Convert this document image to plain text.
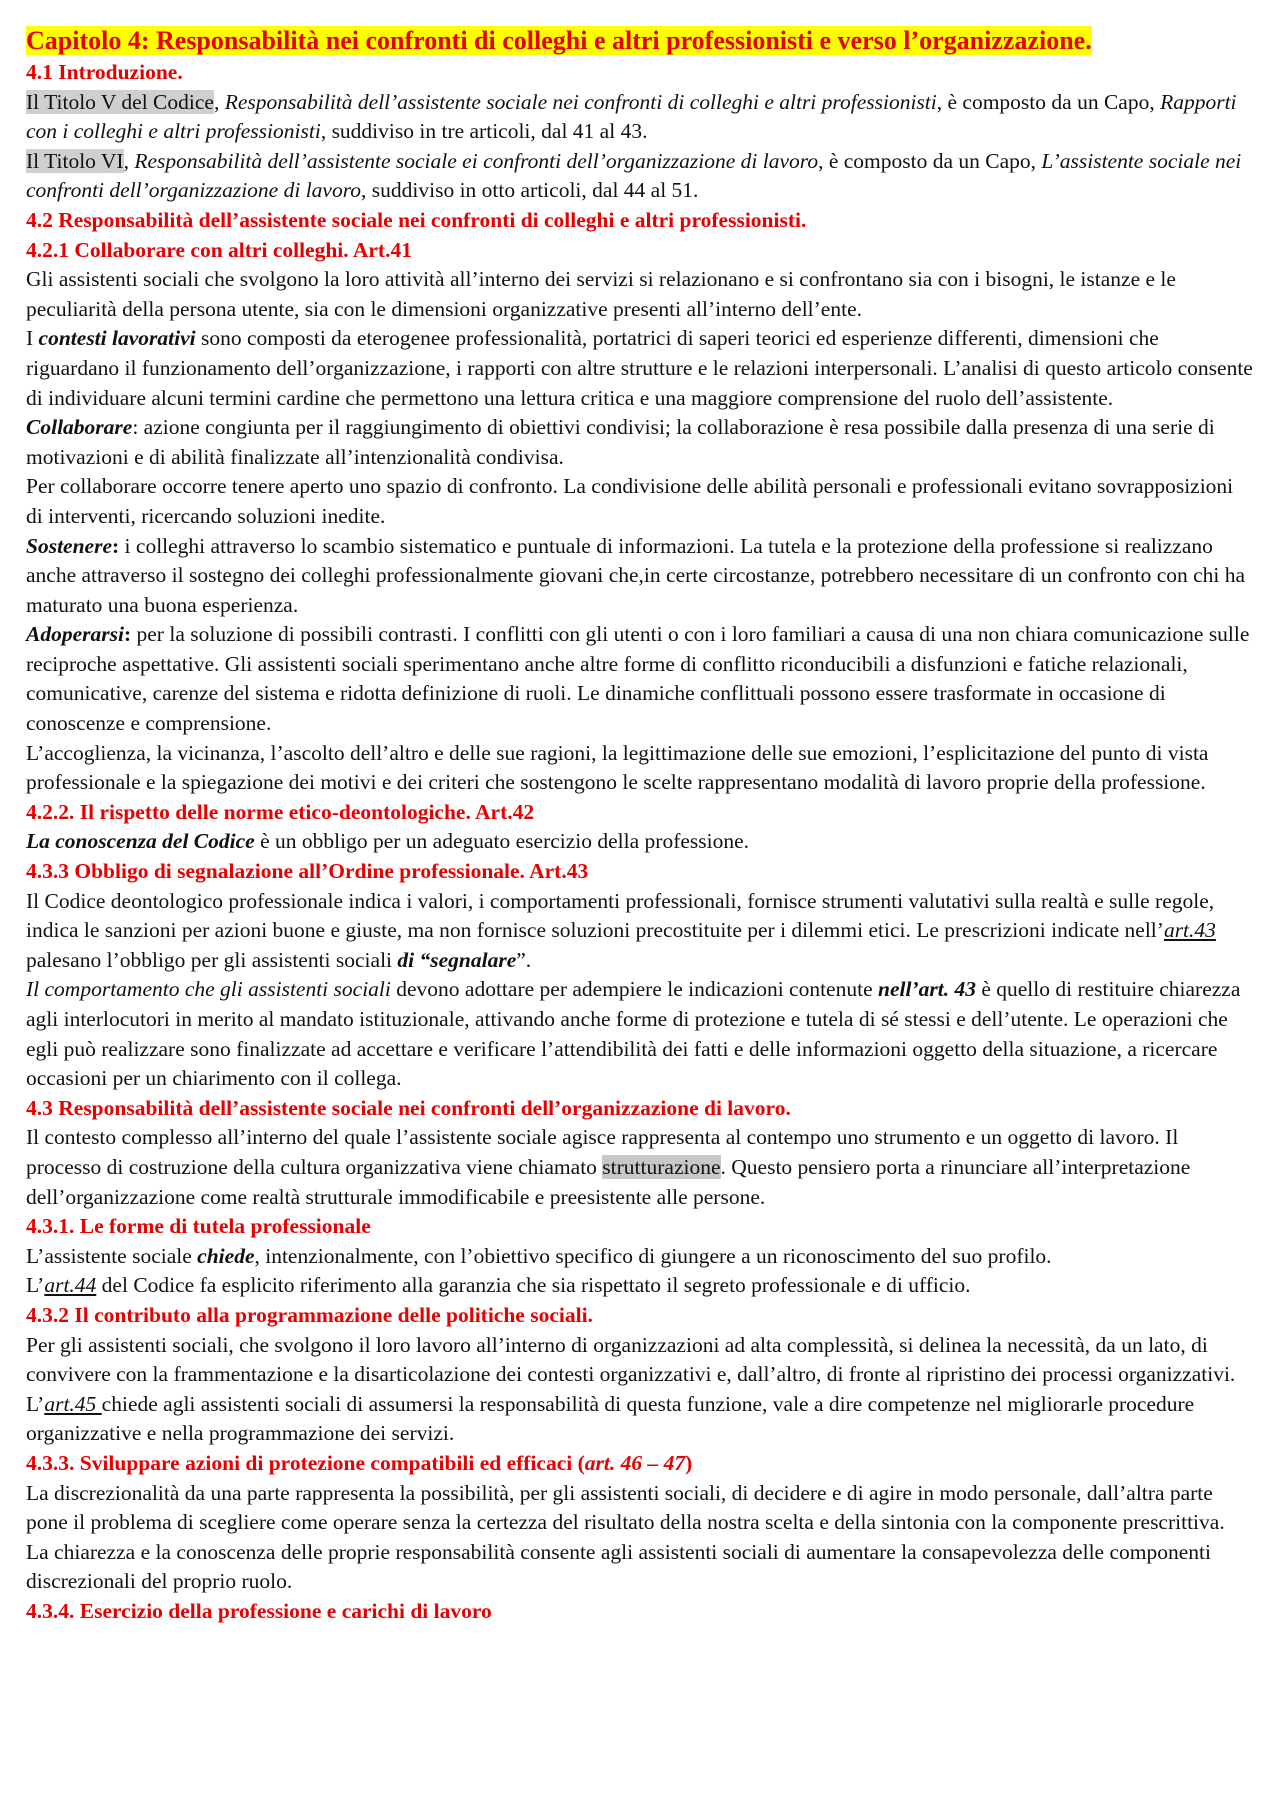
Capitolo 4: Responsabilità nei confronti di colleghi e altri professionisti e verso l’organizzazione.

4.1 Introduzione.

Il Titolo V del Codice, Responsabilità dell’assistente sociale nei confronti di colleghi e altri professionisti, è composto da un Capo, Rapporti con i colleghi e altri professionisti, suddiviso in tre articoli, dal 41 al 43.

Il Titolo VI, Responsabilità dell’assistente sociale ei confronti dell’organizzazione di lavoro, è composto da un Capo, L’assistente sociale nei confronti dell’organizzazione di lavoro, suddiviso in otto articoli, dal 44 al 51.

4.2 Responsabilità dell’assistente sociale nei confronti di colleghi e altri professionisti.

4.2.1 Collaborare con altri colleghi. Art.41

Gli assistenti sociali che svolgono la loro attività all’interno dei servizi si relazionano e si confrontano sia con i bisogni, le istanze e le peculiarità della persona utente, sia con le dimensioni organizzative presenti all’interno dell’ente.

I contesti lavorativi sono composti da eterogenee professionalità, portatrici di saperi teorici ed esperienze differenti, dimensioni che riguardano il funzionamento dell’organizzazione, i rapporti con altre strutture e le relazioni interpersonali. L’analisi di questo articolo consente di individuare alcuni termini cardine che permettono una lettura critica e una maggiore comprensione del ruolo dell’assistente.

Collaborare: azione congiunta per il raggiungimento di obiettivi condivisi; la collaborazione è resa possibile dalla presenza di una serie di motivazioni e di abilità finalizzate all’intenzionalità condivisa.

Per collaborare occorre tenere aperto uno spazio di confronto. La condivisione delle abilità personali e professionali evitano sovrapposizioni di interventi, ricercando soluzioni inedite.

Sostenere: i colleghi attraverso lo scambio sistematico e puntuale di informazioni. La tutela e la protezione della professione si realizzano anche attraverso il sostegno dei colleghi professionalmente giovani che,in certe circostanze, potrebbero necessitare di un confronto con chi ha maturato una buona esperienza.

Adoperarsi: per la soluzione di possibili contrasti. I conflitti con gli utenti o con i loro familiari a causa di una non chiara comunicazione sulle reciproche aspettative. Gli assistenti sociali sperimentano anche altre forme di conflitto riconducibili a disfunzioni e fatiche relazionali, comunicative, carenze del sistema e ridotta definizione di ruoli. Le dinamiche conflittuali possono essere trasformate in occasione di conoscenze e comprensione.

L’accoglienza, la vicinanza, l’ascolto dell’altro e delle sue ragioni, la legittimazione delle sue emozioni, l’esplicitazione del punto di vista professionale e la spiegazione dei motivi e dei criteri che sostengono le scelte rappresentano modalità di lavoro proprie della professione.

4.2.2. Il rispetto delle norme etico-deontologiche. Art.42

La conoscenza del Codice è un obbligo per un adeguato esercizio della professione.

4.3.3 Obbligo di segnalazione all’Ordine professionale. Art.43

Il Codice deontologico professionale indica i valori, i comportamenti professionali, fornisce strumenti valutativi sulla realtà e sulle regole, indica le sanzioni per azioni buone e giuste, ma non fornisce soluzioni precostituite per i dilemmi etici. Le prescrizioni indicate nell’art.43 palesano l’obbligo per gli assistenti sociali di “segnalare”.

Il comportamento che gli assistenti sociali devono adottare per adempiere le indicazioni contenute nell’art. 43 è quello di restituire chiarezza agli interlocutori in merito al mandato istituzionale, attivando anche forme di protezione e tutela di sé stessi e dell’utente. Le operazioni che egli può realizzare sono finalizzate ad accettare e verificare l’attendibilità dei fatti e delle informazioni oggetto della situazione, a ricercare occasioni per un chiarimento con il collega.

4.3 Responsabilità dell’assistente sociale nei confronti dell’organizzazione di lavoro.

Il contesto complesso all’interno del quale l’assistente sociale agisce rappresenta al contempo uno strumento e un oggetto di lavoro. Il processo di costruzione della cultura organizzativa viene chiamato strutturazione. Questo pensiero porta a rinunciare all’interpretazione dell’organizzazione come realtà strutturale immodificabile e preesistente alle persone.

4.3.1. Le forme di tutela professionale

L’assistente sociale chiede, intenzionalmente, con l’obiettivo specifico di giungere a un riconoscimento del suo profilo.

L’art.44 del Codice fa esplicito riferimento alla garanzia che sia rispettato il segreto professionale e di ufficio.

4.3.2 Il contributo alla programmazione delle politiche sociali.

Per gli assistenti sociali, che svolgono il loro lavoro all’interno di organizzazioni ad alta complessità, si delinea la necessità, da un lato, di convivere con la frammentazione e la disarticolazione dei contesti organizzativi e, dall’altro, di fronte al ripristino dei processi organizzativi.

L’art.45 chiede agli assistenti sociali di assumersi la responsabilità di questa funzione, vale a dire competenze nel migliorarle procedure organizzative e nella programmazione dei servizi.

4.3.3. Sviluppare azioni di protezione compatibili ed efficaci (art. 46 – 47)

La discrezionalità da una parte rappresenta la possibilità, per gli assistenti sociali, di decidere e di agire in modo personale, dall’altra parte pone il problema di scegliere come operare senza la certezza del risultato della nostra scelta e della sintonia con la componente prescrittiva.

La chiarezza e la conoscenza delle proprie responsabilità consente agli assistenti sociali di aumentare la consapevolezza delle componenti discrezionali del proprio ruolo.

4.3.4. Esercizio della professione e carichi di lavoro
